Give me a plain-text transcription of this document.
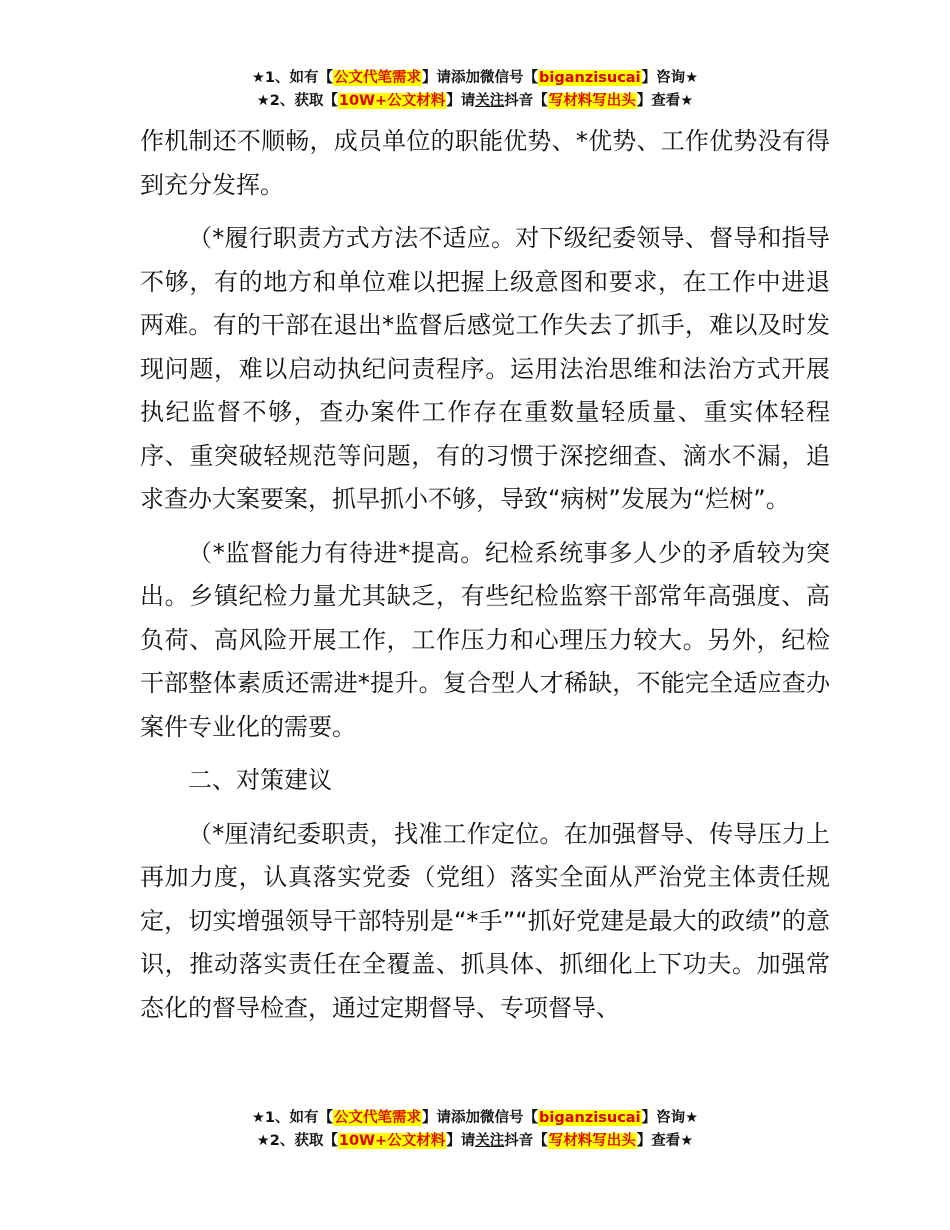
★1、如有【公文代笔需求】请添加微信号【biganzisucai】咨询★
★2、获取【10W+公文材料】请关注抖音【写材料写出头】查看★

作机制还不顺畅，成员单位的职能优势、*优势、工作优势没有得到充分发挥。

（*履行职责方式方法不适应。对下级纪委领导、督导和指导不够，有的地方和单位难以把握上级意图和要求，在工作中进退两难。有的干部在退出*监督后感觉工作失去了抓手，难以及时发现问题，难以启动执纪问责程序。运用法治思维和法治方式开展执纪监督不够，查办案件工作存在重数量轻质量、重实体轻程序、重突破轻规范等问题，有的习惯于深挖细查、滴水不漏，追求查办大案要案，抓早抓小不够，导致“病树”发展为“烂树”。

（*监督能力有待进*提高。纪检系统事多人少的矛盾较为突出。乡镇纪检力量尤其缺乏，有些纪检监察干部常年高强度、高负荷、高风险开展工作，工作压力和心理压力较大。另外，纪检干部整体素质还需进*提升。复合型人才稀缺，不能完全适应查办案件专业化的需要。

二、对策建议

（*厘清纪委职责，找准工作定位。在加强督导、传导压力上再加力度，认真落实党委（党组）落实全面从严治党主体责任规定，切实增强领导干部特别是“*手”“抓好党建是最大的政绩”的意识，推动落实责任在全覆盖、抓具体、抓细化上下功夫。加强常态化的督导检查，通过定期督导、专项督导、

★1、如有【公文代笔需求】请添加微信号【biganzisucai】咨询★
★2、获取【10W+公文材料】请关注抖音【写材料写出头】查看★
